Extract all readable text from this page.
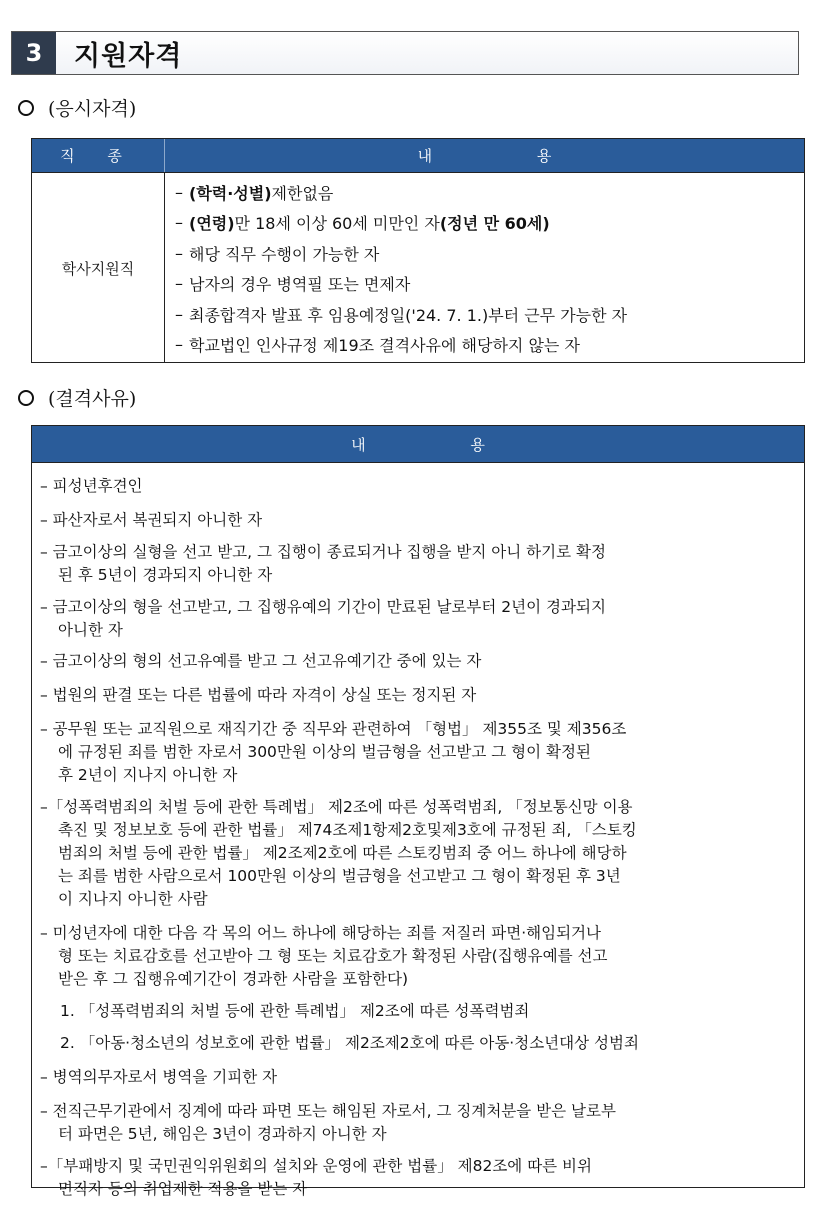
3	지원자격
(응시자격)
직 종	내 용
학사지원직
– (학력·성별) 제한없음
– (연령) 만 18세 이상 60세 미만인 자 (정년 만 60세)
– 해당 직무 수행이 가능한 자
– 남자의 경우 병역필 또는 면제자
– 최종합격자 발표 후 임용예정일('24. 7. 1.)부터 근무 가능한 자
– 학교법인 인사규정 제19조 결격사유에 해당하지 않는 자
(결격사유)
내 용
– 피성년후견인
– 파산자로서 복권되지 아니한 자
– 금고이상의 실형을 선고 받고, 그 집행이 종료되거나 집행을 받지 아니 하기로 확정
된 후 5년이 경과되지 아니한 자
– 금고이상의 형을 선고받고, 그 집행유예의 기간이 만료된 날로부터 2년이 경과되지
아니한 자
– 금고이상의 형의 선고유예를 받고 그 선고유예기간 중에 있는 자
– 법원의 판결 또는 다른 법률에 따라 자격이 상실 또는 정지된 자
– 공무원 또는 교직원으로 재직기간 중 직무와 관련하여 「형법」 제355조 및 제356조
에 규정된 죄를 범한 자로서 300만원 이상의 벌금형을 선고받고 그 형이 확정된
후 2년이 지나지 아니한 자
–「성폭력범죄의 처벌 등에 관한 특례법」 제2조에 따른 성폭력범죄, 「정보통신망 이용
촉진 및 정보보호 등에 관한 법률」 제74조제1항제2호및제3호에 규정된 죄, 「스토킹
범죄의 처벌 등에 관한 법률」 제2조제2호에 따른 스토킹범죄 중 어느 하나에 해당하
는 죄를 범한 사람으로서 100만원 이상의 벌금형을 선고받고 그 형이 확정된 후 3년
이 지나지 아니한 사람
– 미성년자에 대한 다음 각 목의 어느 하나에 해당하는 죄를 저질러 파면·해임되거나
형 또는 치료감호를 선고받아 그 형 또는 치료감호가 확정된 사람(집행유예를 선고
받은 후 그 집행유예기간이 경과한 사람을 포함한다)
1. 「성폭력범죄의 처벌 등에 관한 특례법」 제2조에 따른 성폭력범죄
2. 「아동·청소년의 성보호에 관한 법률」 제2조제2호에 따른 아동·청소년대상 성범죄
– 병역의무자로서 병역을 기피한 자
– 전직근무기관에서 징계에 따라 파면 또는 해임된 자로서, 그 징계처분을 받은 날로부
터 파면은 5년, 해임은 3년이 경과하지 아니한 자
–「부패방지 및 국민권익위원회의 설치와 운영에 관한 법률」 제82조에 따른 비위
면직자 등의 취업제한 적용을 받는 자
